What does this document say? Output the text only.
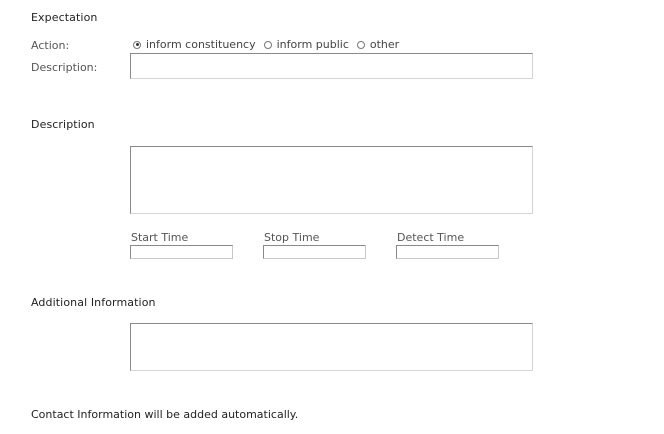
Expectation
Action:	inform constituency inform public other
Description:
Description
Start Time	Stop Time	Detect Time
Additional Information
Contact Information will be added automatically.
